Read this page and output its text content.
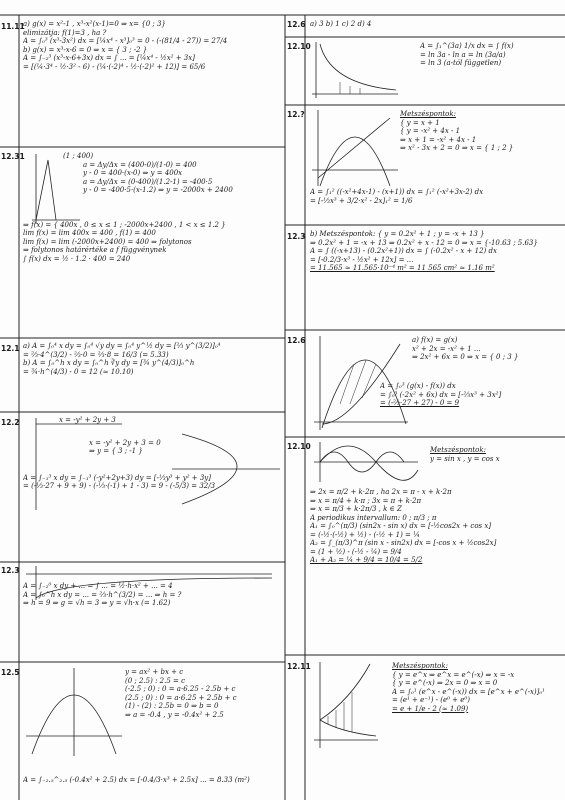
11.11
a) g(x) = x²-1 , x³-x²(x-1)=0 ⇒ x= {0 ; 3}
elimizátja: f(1)=3 , ha ?
A = ∫₀³ (x³-3x²) dx = [¼x⁴ - x³]₀³ = 0 - (-(81/4 - 27)) = 27/4
b) g(x) = x³-x-6 = 0 ⇒ x = { 3 ; -2 }
A = ∫₋₂³ (x³-x-6+3x) dx = ∫ ... = [¼x⁴ - ½x² + 3x]
= [(¼·3⁴ - ½·3² - 6) - (¼·(-2)⁴ - ½·(-2)² + 12)] = 65/6
12.31	(1 ; 400)
a = Δy/Δx = (400-0)/(1-0) = 400
y - 0 = 400·(x-0) ⇒ y = 400x
a = Δy/Δx = (0-400)/(1.2-1) = -400·5
y - 0 = -400·5·(x-1.2) ⇒ y = -2000x + 2400
⇒ f(x) = { 400x , 0 ≤ x ≤ 1 ; -2000x+2400 , 1 < x ≤ 1.2 }
lim f(x) = lim 400x = 400 , f(1) = 400
lim f(x) = lim (-2000x+2400) = 400 ⇒ folytonos
⇒ folytonos határértéke a f függvénynek
∫ f(x) dx = ½ · 1.2 · 400 = 240
12.1 a) A = ∫₀⁴ x dy = ∫₀⁴ √y dy = ∫₀⁴ y^½ dy = [⅔ y^(3/2)]₀⁴
= ⅔·4^(3/2) - ⅔·0 = ⅔·8 = 16/3 (= 5.33)
b) A = ∫₀^h x dy = ∫₀^h ∛y dy = [¾ y^(4/3)]₀^h
= ¾·h^(4/3) - 0 = 12 (≈ 10.10)
12.2	x = -y² + 2y + 3
x = -y² + 2y + 3 = 0
⇒ y = { 3 ; -1 }
A = ∫₋₁³ x dy = ∫₋₁³ (-y²+2y+3) dy = [-⅓y³ + y² + 3y]
= (-⅓·27 + 9 + 9) - (-⅓·(-1) + 1 - 3) = 9 - (-5/3) = 32/3
12.3
A = ∫₋₂⁰ x dy + ... = ∫ ... = ½·h·x² + ... = 4
A = ∫₀^h x dy = ... = ⅔·h^(3/2) = ... ⇒ h = ?
⇒ h = 9 ⇒ g = √h = 3 ⇒ y = √h·x (= 1.62)
12.5	y = ax² + bx + c
(0 ; 2.5) : 2.5 = c
(-2.5 ; 0) : 0 = a·6.25 - 2.5b + c
(2.5 ; 0) : 0 = a·6.25 + 2.5b + c
(1) - (2) : 2.5b = 0 ⇒ b = 0
⇒ a = -0.4 , y = -0.4x² + 2.5
A = ∫₋₂.₅^₂.₅ (-0.4x² + 2.5) dx = [-0.4/3·x³ + 2.5x] ... = 8.33 (m²)
12.6 a) 3 b) 1 c) 2 d) 4
12.10	A = ∫₁^(3a) 1/x dx = ∫ f(x)
= ln 3a - ln a = ln (3a/a)
= ln 3 (a-tól független)
12.?	Metszéspontok:
{ y = x + 1
{ y = -x² + 4x - 1
⇒ x + 1 = -x² + 4x - 1
⇒ x² - 3x + 2 = 0 ⇒ x = { 1 ; 2 }
A = ∫₁² ((-x²+4x-1) - (x+1)) dx = ∫₁² (-x²+3x-2) dx
= [-⅓x³ + 3/2·x² - 2x]₁² = 1/6
12.3 b) Metszéspontok: { y = 0.2x² + 1 ; y = -x + 13 }
⇒ 0.2x² + 1 = -x + 13 ⇒ 0.2x² + x - 12 = 0 ⇒ x = {-10.63 ; 5.63}
A = ∫ ((-x+13) - (0.2x²+1)) dx = ∫ (-0.2x² - x + 12) dx
= [-0.2/3·x³ - ½x² + 12x] = ...
= 11.565 ≈ 11.565·10⁻⁴ m² = 11 565 cm² ≈ 1.16 m²
12.6	a) f(x) = g(x)
x² + 2x = -x² + 1 ...
⇒ 2x² + 6x = 0 ⇒ x = { 0 ; 3 }
A = ∫₀³ (g(x) - f(x)) dx
= ∫₀³ (-2x² + 6x) dx = [-⅔x³ + 3x²]
= (-⅔·27 + 27) - 0 = 9
12.10	Metszéspontok:
y = sin x , y = cos x
⇒ 2x = π/2 + k·2π , ha 2x = π - x + k·2π
⇒ x = π/4 + k·π ; 3x = π + k·2π
⇒ x = π/3 + k·2π/3 , k ∈ Z
A periodikus intervallum: 0 ; π/3 ; π
A₁ = ∫₀^(π/3) (sin2x - sin x) dx = [-½cos2x + cos x]
= (-½·(-½) + ½) - (-½ + 1) = ¼
A₂ = ∫_(π/3)^π (sin x - sin2x) dx = [-cos x + ½cos2x]
= (1 + ½) - (-½ - ¼) = 9/4
A₁ + A₂ = ¼ + 9/4 = 10/4 = 5/2
12.11	Metszéspontok:
{ y = e^x ⇒ e^x = e^(-x) ⇒ x = -x
{ y = e^(-x) ⇒ 2x = 0 ⇒ x = 0
A = ∫₀¹ (e^x - e^(-x)) dx = [e^x + e^(-x)]₀¹
= (e¹ + e⁻¹) - (e⁰ + e⁰)
= e + 1/e - 2 (≈ 1.09)
